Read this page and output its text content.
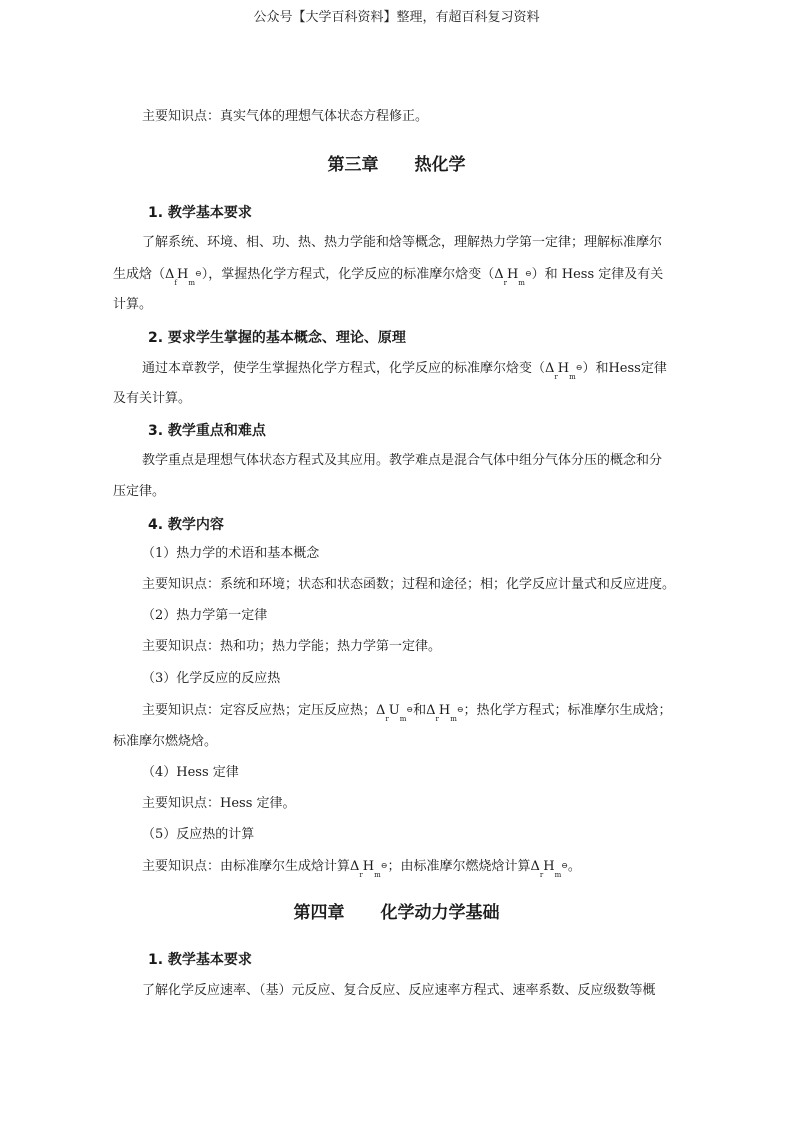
公众号【大学百科资料】整理，有超百科复习资料
主要知识点：真实气体的理想气体状态方程修正。
第三章 热化学
1. 教学基本要求
了解系统、环境、相、功、热、热力学能和焓等概念，理解热力学第一定律；理解标准摩尔
生成焓$(\Delta_fH_m⊖)$，掌握热化学方程式，化学反应的标准摩尔焓变$(\Delta_rH_m⊖)$和 Hess 定律及有关
计算。
2. 要求学生掌握的基本概念、理论、原理
通过本章教学，使学生掌握热化学方程式，化学反应的标准摩尔焓变$(\Delta_rH_m⊖)$和Hess定律
及有关计算。
3. 教学重点和难点
教学重点是理想气体状态方程式及其应用。教学难点是混合气体中组分气体分压的概念和分
压定律。
4. 教学内容
（1）热力学的术语和基本概念
主要知识点：系统和环境；状态和状态函数；过程和途径；相；化学反应计量式和反应进度。
（2）热力学第一定律
主要知识点：热和功；热力学能；热力学第一定律。
（3）化学反应的反应热
主要知识点：定容反应热；定压反应热；$\Delta_rU_m⊖$和$\Delta_rH_m⊖$；热化学方程式；标准摩尔生成焓；
标准摩尔燃烧焓。
（4）Hess 定律
主要知识点：Hess 定律。
（5）反应热的计算
主要知识点：由标准摩尔生成焓计算$\Delta_rH_m⊖$；由标准摩尔燃烧焓计算$\Delta_rH_m⊖$。
第四章 化学动力学基础
1. 教学基本要求
了解化学反应速率、（基）元反应、复合反应、反应速率方程式、速率系数、反应级数等概
